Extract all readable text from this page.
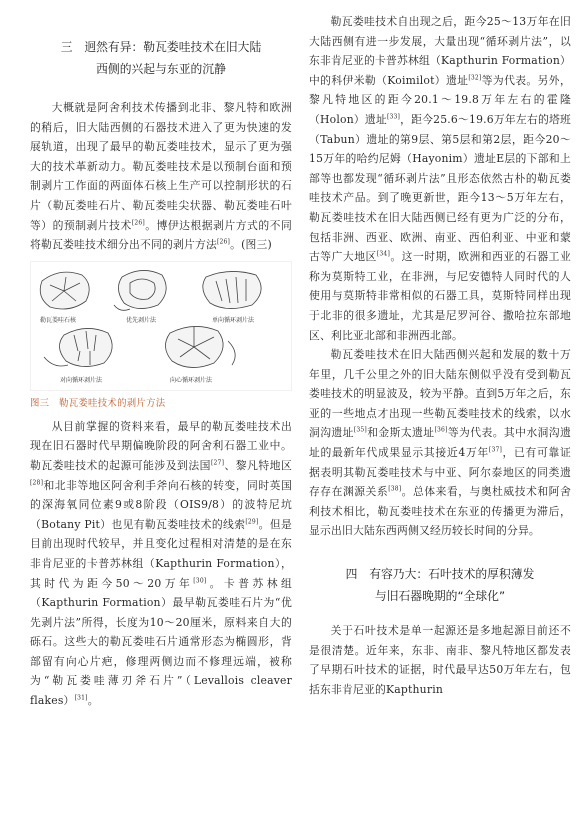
三　迥然有异：勒瓦娄哇技术在旧大陆
西侧的兴起与东亚的沉静

大概就是阿舍利技术传播到北非、黎凡特和欧洲的稍后，旧大陆西侧的石器技术进入了更为快速的发展轨道，出现了最早的勒瓦娄哇技术，显示了更为强大的技术革新动力。勒瓦娄哇技术是以预制台面和预制剥片工作面的两面体石核上生产可以控制形状的石片（勒瓦娄哇石片、勒瓦娄哇尖状器、勒瓦娄哇石叶等）的预制剥片技术[26]。博伊达根据剥片方式的不同将勒瓦娄哇技术细分出不同的剥片方法[26]。(图三)

勒瓦娄哇石核	优先剥片法	单向循环剥片法
对向循环剥片法	向心循环剥片法
图三　勒瓦娄哇技术的剥片方法

从目前掌握的资料来看，最早的勒瓦娄哇技术出现在旧石器时代早期偏晚阶段的阿舍利石器工业中。勒瓦娄哇技术的起源可能涉及到法国[27]、黎凡特地区[28]和北非等地区阿舍利手斧向石核的转变，同时英国的深海氧同位素9或8阶段（OIS9/8）的波特尼坑（Botany Pit）也见有勒瓦娄哇技术的线索[29]。但是目前出现时代较早，并且变化过程相对清楚的是在东非肯尼亚的卡普苏林组（Kapthurin Formation），其时代为距今50～20万年[30]。卡普苏林组（Kapthurin Formation）最早勒瓦娄哇石片为“优先剥片法”所得，长度为10～20厘米，原料来自大的砾石。这些大的勒瓦娄哇石片通常形态为椭圆形，背部留有向心片疤，修理两侧边而不修理远端，被称为“勒瓦娄哇薄刃斧石片”（Levallois cleaver flakes）[31]。

勒瓦娄哇技术自出现之后，距今25～13万年在旧大陆西侧有进一步发展，大量出现“循环剥片法”，以东非肯尼亚的卡普苏林组（Kapthurin Formation）中的科伊米勒（Koimilot）遗址[32]等为代表。另外，黎凡特地区的距今20.1～19.8万年左右的霍隆（Holon）遗址[33]，距今25.6～19.6万年左右的塔班（Tabun）遗址的第9层、第5层和第2层，距今20～15万年的哈约尼姆（Hayonim）遗址E层的下部和上部等也都发现“循环剥片法”且形态依然古朴的勒瓦娄哇技术产品。到了晚更新世，距今13～5万年左右，勒瓦娄哇技术在旧大陆西侧已经有更为广泛的分布，包括非洲、西亚、欧洲、南亚、西伯利亚、中亚和蒙古等广大地区[34]。这一时期，欧洲和西亚的石器工业称为莫斯特工业，在非洲，与尼安德特人同时代的人使用与莫斯特非常相似的石器工具，莫斯特同样出现于北非的很多遗址，尤其是尼罗河谷、撒哈拉东部地区、利比亚北部和非洲西北部。

勒瓦娄哇技术在旧大陆西侧兴起和发展的数十万年里，几千公里之外的旧大陆东侧似乎没有受到勒瓦娄哇技术的明显波及，较为平静。直到5万年之后，东亚的一些地点才出现一些勒瓦娄哇技术的线索，以水洞沟遗址[35]和金斯太遗址[36]等为代表。其中水洞沟遗址的最新年代成果显示其接近4万年[37]，已有可靠证据表明其勒瓦娄哇技术与中亚、阿尔泰地区的同类遗存存在渊源关系[38]。总体来看，与奥杜威技术和阿舍利技术相比，勒瓦娄哇技术在东亚的传播更为滞后，显示出旧大陆东西两侧又经历较长时间的分异。

四　有容乃大：石叶技术的厚积薄发
与旧石器晚期的“全球化”

关于石叶技术是单一起源还是多地起源目前还不是很清楚。近年来，东非、南非、黎凡特地区都发表了早期石叶技术的证据，时代最早达50万年左右，包括东非肯尼亚的Kapthurin
